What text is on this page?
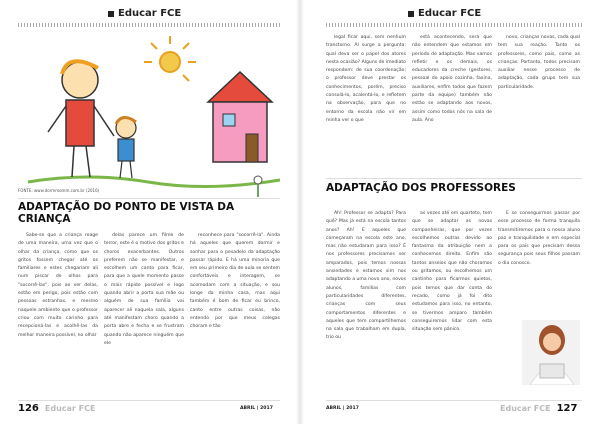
Educar FCE
FONTE: www.dormmomm.com.br (2016)
ADAPTAÇÃO DO PONTO DE VISTA DA CRIANÇA

Sabe-se que a criança reage de uma maneira, uma vez que o olhar da criança, como que os gritos fossem chegar até os familiares e estes chegariam ali num piscar de olhos para "socorrê-las", pois ao ver delas, estão em perigo, pois estão com pessoas estranhas, e mesmo naquele ambiente que o professor criou com muito carinho para recepcioná-las e acolhê-las da melhor maneira possível, no olhar

delas parece um filme de terror, este é o motivo dos gritos e choros exacerbantes. Outros preferem não se manifestar, e escolhem um canto para ficar, para que a quele momento passe o mais rápido possível e logo quando abrir a porta sua mãe ou alguém de sua família vai aparecer ali naquela sala, alguns até manifestam choro quando a porta abre e fecha e se frustram quando não aparece ninguém que ele

reconhece para "socorrê-la". Ainda há aqueles que querem dormir e sonhar para o pesadelo da adaptação passar rápido. E há uma minoria que em seu primeiro dia de aula se sentem confortáveis e interagem, se acomodam com a situação, e sou longe da minha casa, mas aqui também é bom de ficar eu brinco, canto entre outras coisas, não entendo por que meus colegas choram e tão

126 Educar FCE	ABRIL | 2017
Educar FCE

legal ficar aqui, sem nenhum transtorno. Al surge a pergunta: qual deva ser o papel dos atores nesta ocasião? Alguns de imediato respondem: de sua coordenação; o professor deve prestar os conhecimentos, porém, preciso consolá-lo, acalentá-lo, e refletem na observação, para que no entorno da escola não vir em minha ver o que

está acontecendo, será que não entendem que estamos em período de adaptação. Mas vamos refletir e os demais, os educadores da creche (gestores, pessoal do apoio cozinha, faxina, auxiliares, enfim todos que fazem parte da equipe) também não estão se adaptando aos novos, assim como todos nós na sala de aula. Ano

novo, crianças novas, cada qual tem sua reação. Tanto os professores, como pais, como as crianças. Portanto, todos precisam auxiliar nesse processo de adaptação, cada grupo tem sua particularidade.

ADAPTAÇÃO DOS PROFESSORES

Ah! Professor se adapta? Para quê? Mas já está na escola tantos anos? Ah! E aqueles que começaram na escola este ano, mas não estudaram para isso? É nos professores precisamos ser amparados, pois temos nossas ansiedades e estamos sim nos adaptando a uma novo ano, novos alunos, famílias com particularidades diferentes, crianças com seus comportamentos diferentes e aqueles que tem compartilhemos na sala que trabalham em dupla, trio ou

as vezes até em quarteto, tem que se adaptar as novas companheiras, que por vezes escolhemos outras devido ao fantasma da atribuição nem a conhecemos direito. Enfim são tantos anseios que não choramos ou gritamos, ou escolhemos um cantinho para ficarmos quietos, pois temos que dar conta do recado, como já foi dito estudamos para isso, no entanto, se tivermos amparo também conseguiremos lidar com esta situação sem pânico.

E se conseguirmos passar por esse processo de forma tranquila transmitiremos para o nosso aluno paz e tranquilidade e em especial para os pais que precisam dessa segurança pois seus filhos passam o dia conosco.

ABRIL | 2017	Educar FCE 127
